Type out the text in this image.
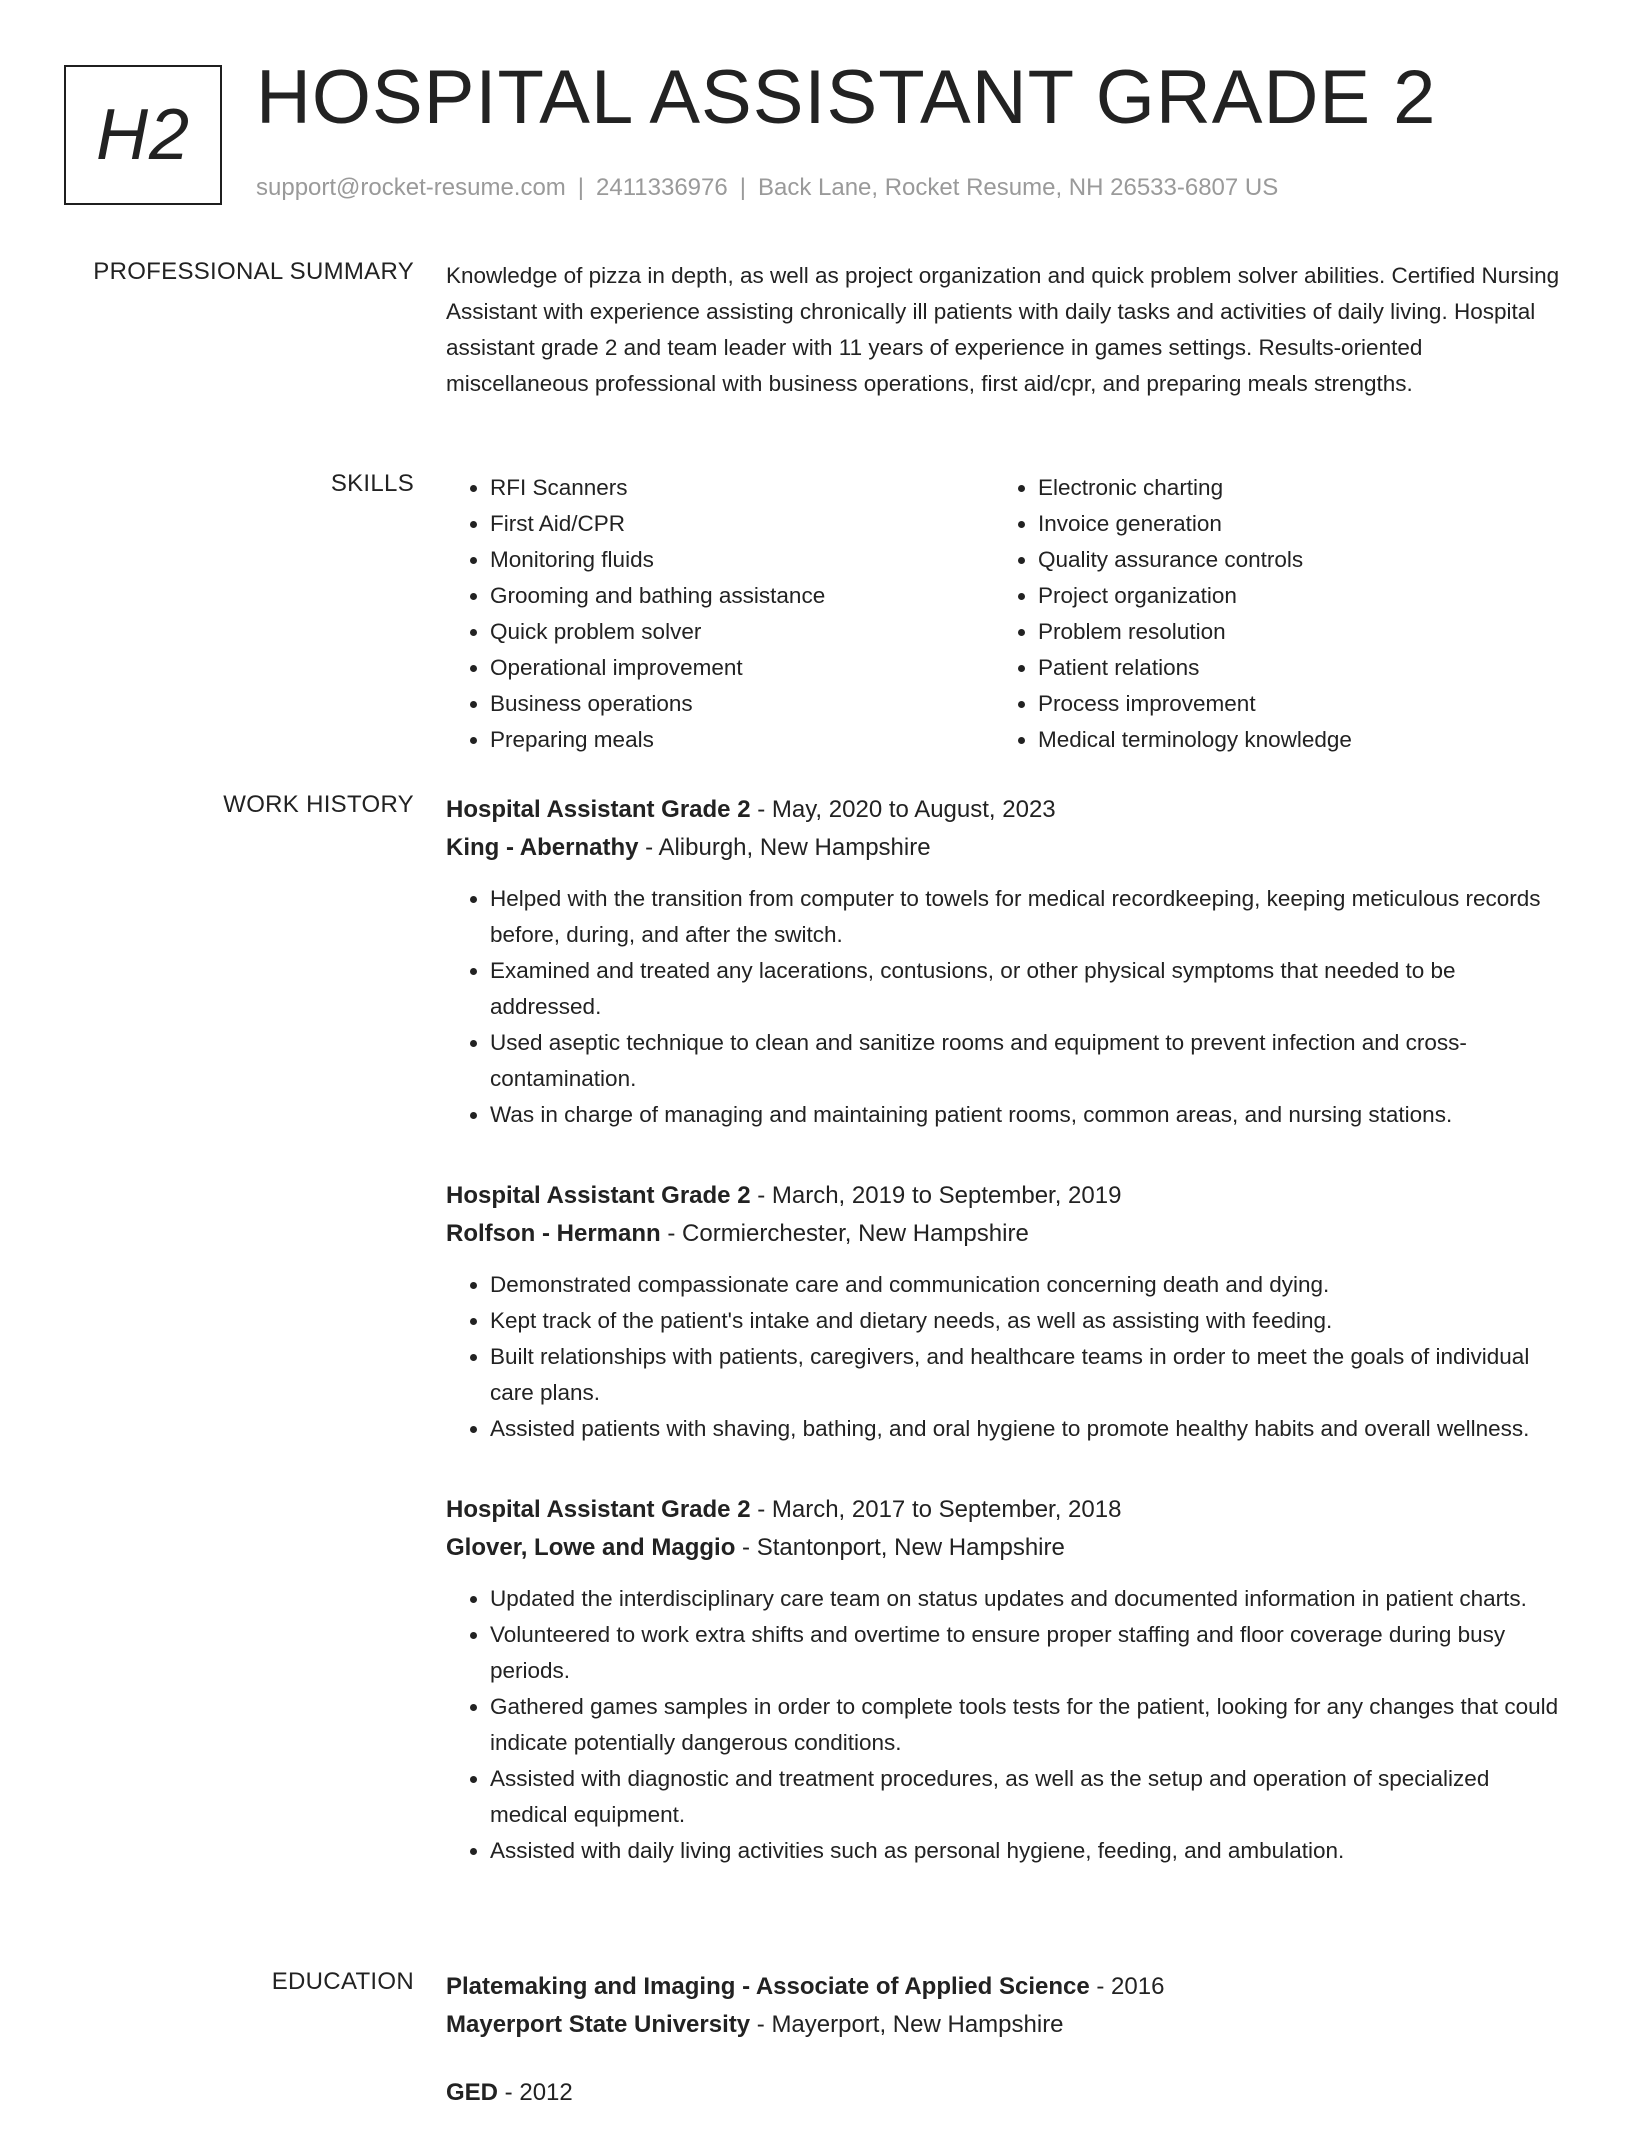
H2 HOSPITAL ASSISTANT GRADE 2
support@rocket-resume.com | 2411336976 | Back Lane, Rocket Resume, NH 26533-6807 US
PROFESSIONAL SUMMARY Knowledge of pizza in depth, as well as project organization and quick problem solver abilities. Certified Nursing Assistant with experience assisting chronically ill patients with daily tasks and activities of daily living. Hospital assistant grade 2 and team leader with 11 years of experience in games settings. Results-oriented miscellaneous professional with business operations, first aid/cpr, and preparing meals strengths.

SKILLS
•	RFI Scanners
• First Aid/CPR
• Monitoring fluids
• Grooming and bathing assistance
• Quick problem solver
• Operational improvement
• Business operations
• Preparing meals
• Electronic charting
• Invoice generation
• Quality assurance controls
• Project organization
• Problem resolution
• Patient relations
• Process improvement
• Medical terminology knowledge
WORK HISTORY Hospital Assistant Grade 2 - May, 2020 to August, 2023
King - Abernathy - Aliburgh, New Hampshire
• Helped with the transition from computer to towels for medical recordkeeping, keeping meticulous records before, during, and after the switch.
• Examined and treated any lacerations, contusions, or other physical symptoms that needed to be addressed.
• Used aseptic technique to clean and sanitize rooms and equipment to prevent infection and cross-contamination.
• Was in charge of managing and maintaining patient rooms, common areas, and nursing stations.
Hospital Assistant Grade 2 - March, 2019 to September, 2019
Rolfson - Hermann - Cormierchester, New Hampshire
• Demonstrated compassionate care and communication concerning death and dying.
• Kept track of the patient's intake and dietary needs, as well as assisting with feeding.
• Built relationships with patients, caregivers, and healthcare teams in order to meet the goals of individual care plans.
• Assisted patients with shaving, bathing, and oral hygiene to promote healthy habits and overall wellness.
Hospital Assistant Grade 2 - March, 2017 to September, 2018
Glover, Lowe and Maggio - Stantonport, New Hampshire
• Updated the interdisciplinary care team on status updates and documented information in patient charts.
• Volunteered to work extra shifts and overtime to ensure proper staffing and floor coverage during busy periods.
• Gathered games samples in order to complete tools tests for the patient, looking for any changes that could indicate potentially dangerous conditions.
• Assisted with diagnostic and treatment procedures, as well as the setup and operation of specialized medical equipment.
• Assisted with daily living activities such as personal hygiene, feeding, and ambulation.
EDUCATION Platemaking and Imaging - Associate of Applied Science - 2016
Mayerport State University - Mayerport, New Hampshire
GED - 2012
